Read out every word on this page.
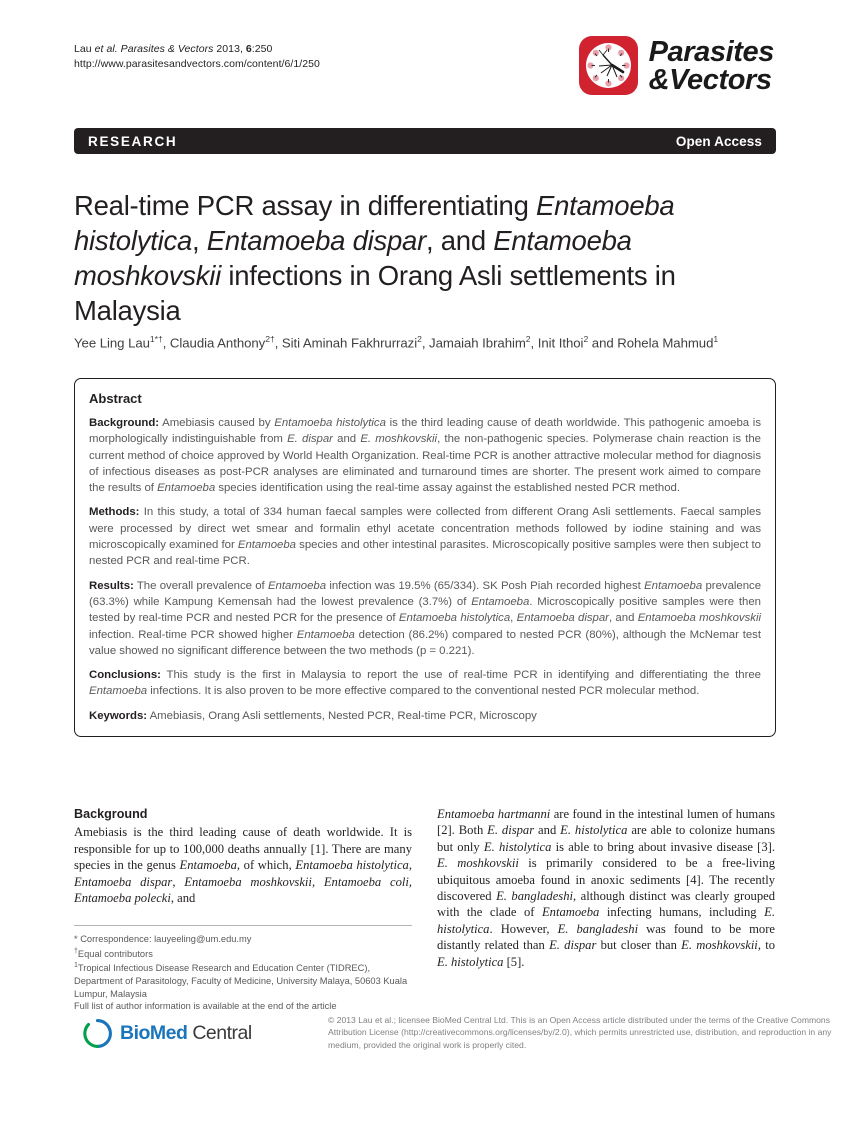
Lau et al. Parasites & Vectors 2013, 6:250
http://www.parasitesandvectors.com/content/6/1/250	Parasites
&Vectors
RESEARCH	Open Access
Real-time PCR assay in differentiating Entamoeba histolytica, Entamoeba dispar, and Entamoeba moshkovskii infections in Orang Asli settlements in Malaysia
Yee Ling Lau$^{1*\dagger}$, Claudia Anthony$^{2\dagger}$, Siti Aminah Fakhrurrazi$^2$, Jamaiah Ibrahim$^2$, Init Ithoi$^2$ and Rohela Mahmud$^1$
Abstract

Background: Amebiasis caused by Entamoeba histolytica is the third leading cause of death worldwide. This pathogenic amoeba is morphologically indistinguishable from E. dispar and E. moshkovskii, the non-pathogenic species. Polymerase chain reaction is the current method of choice approved by World Health Organization. Real-time PCR is another attractive molecular method for diagnosis of infectious diseases as post-PCR analyses are eliminated and turnaround times are shorter. The present work aimed to compare the results of Entamoeba species identification using the real-time assay against the established nested PCR method.

Methods: In this study, a total of 334 human faecal samples were collected from different Orang Asli settlements. Faecal samples were processed by direct wet smear and formalin ethyl acetate concentration methods followed by iodine staining and was microscopically examined for Entamoeba species and other intestinal parasites. Microscopically positive samples were then subject to nested PCR and real-time PCR.

Results: The overall prevalence of Entamoeba infection was 19.5% (65/334). SK Posh Piah recorded highest Entamoeba prevalence (63.3%) while Kampung Kemensah had the lowest prevalence (3.7%) of Entamoeba. Microscopically positive samples were then tested by real-time PCR and nested PCR for the presence of Entamoeba histolytica, Entamoeba dispar, and Entamoeba moshkovskii infection. Real-time PCR showed higher Entamoeba detection (86.2%) compared to nested PCR (80%), although the McNemar test value showed no significant difference between the two methods (p = 0.221).

Conclusions: This study is the first in Malaysia to report the use of real-time PCR in identifying and differentiating the three Entamoeba infections. It is also proven to be more effective compared to the conventional nested PCR molecular method.

Keywords: Amebiasis, Orang Asli settlements, Nested PCR, Real-time PCR, Microscopy

Background

Amebiasis is the third leading cause of death worldwide. It is responsible for up to 100,000 deaths annually [1]. There are many species in the genus Entamoeba, of which, Entamoeba histolytica, Entamoeba dispar, Entamoeba moshkovskii, Entamoeba coli, Entamoeba polecki, and

Entamoeba hartmanni are found in the intestinal lumen of humans [2]. Both E. dispar and E. histolytica are able to colonize humans but only E. histolytica is able to bring about invasive disease [3]. E. moshkovskii is primarily considered to be a free-living ubiquitous amoeba found in anoxic sediments [4]. The recently discovered E. bangladeshi, although distinct was clearly grouped with the clade of Entamoeba infecting humans, including E. histolytica. However, E. bangladeshi was found to be more distantly related than E. dispar but closer than E. moshkovskii, to E. histolytica [5].

* Correspondence: lauyeeling@um.edu.my
†Equal contributors
$^1$Tropical Infectious Disease Research and Education Center (TIDREC), Department of Parasitology, Faculty of Medicine, University Malaya, 50603 Kuala Lumpur, Malaysia
Full list of author information is available at the end of the article
BioMed Central
© 2013 Lau et al.; licensee BioMed Central Ltd. This is an Open Access article distributed under the terms of the Creative Commons Attribution License (http://creativecommons.org/licenses/by/2.0), which permits unrestricted use, distribution, and reproduction in any medium, provided the original work is properly cited.
